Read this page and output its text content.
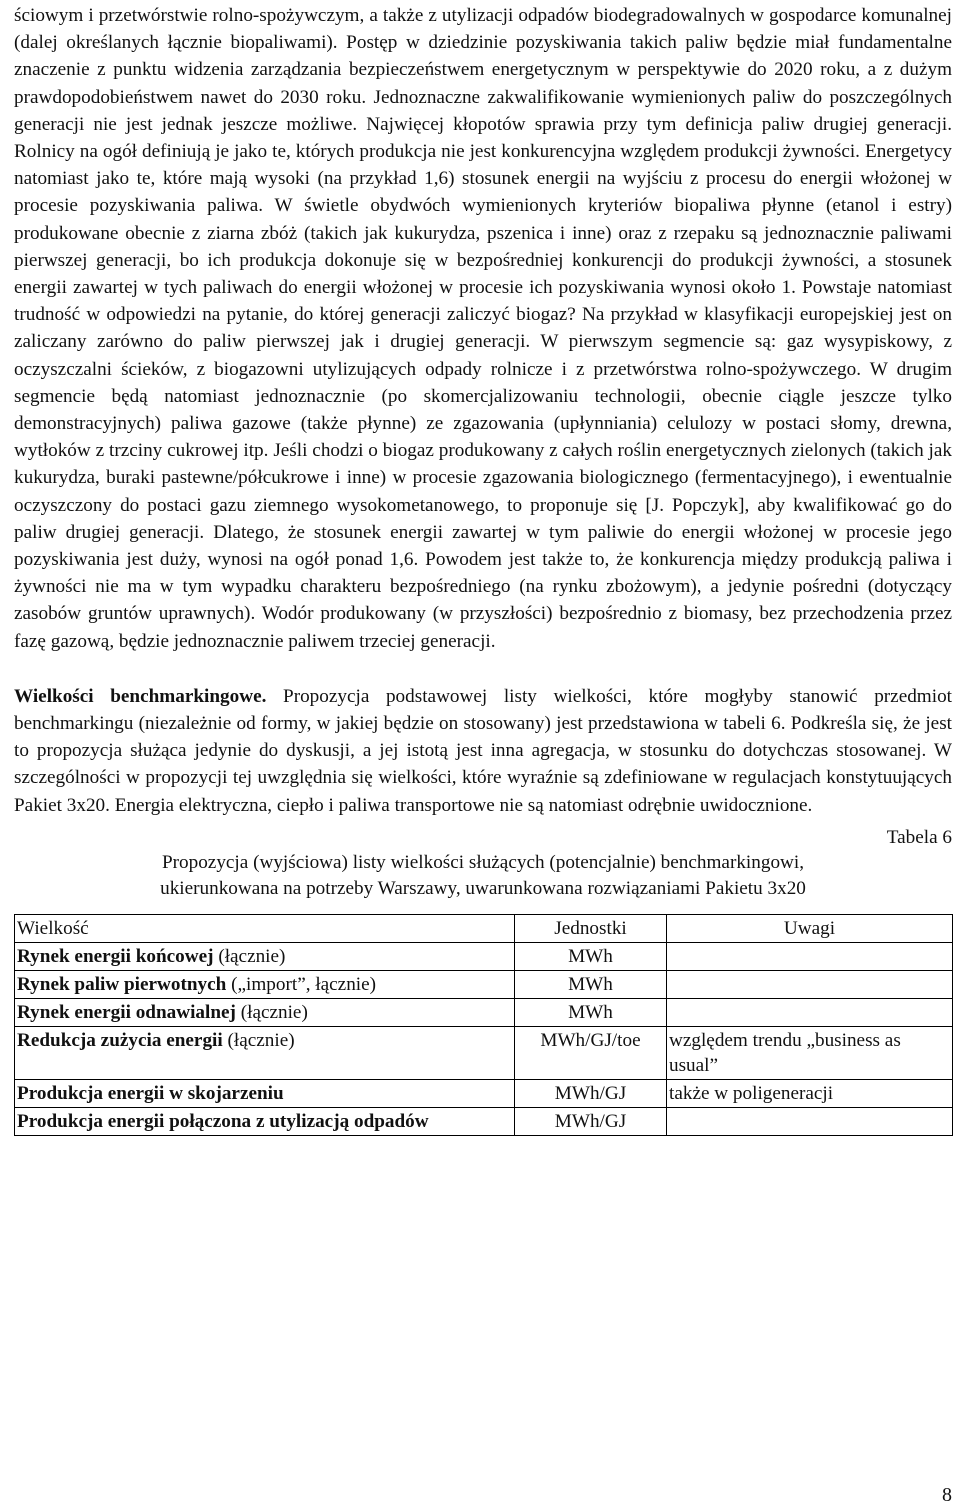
ściowym i przetwórstwie rolno-spożywczym, a także z utylizacji odpadów biodegradowalnych w gospodarce komunalnej (dalej określanych łącznie biopaliwami). Postęp w dziedzinie pozyskiwania takich paliw będzie miał fundamentalne znaczenie z punktu widzenia zarządzania bezpieczeństwem energetycznym w perspektywie do 2020 roku, a z dużym prawdopodobieństwem nawet do 2030 roku. Jednoznaczne zakwalifikowanie wymienionych paliw do poszczególnych generacji nie jest jednak jeszcze możliwe. Najwięcej kłopotów sprawia przy tym definicja paliw drugiej generacji. Rolnicy na ogół definiują je jako te, których produkcja nie jest konkurencyjna względem produkcji żywności. Energetycy natomiast jako te, które mają wysoki (na przykład 1,6) stosunek energii na wyjściu z procesu do energii włożonej w procesie pozyskiwania paliwa. W świetle obydwóch wymienionych kryteriów biopaliwa płynne (etanol i estry) produkowane obecnie z ziarna zbóż (takich jak kukurydza, pszenica i inne) oraz z rzepaku są jednoznacznie paliwami pierwszej generacji, bo ich produkcja dokonuje się w bezpośredniej konkurencji do produkcji żywności, a stosunek energii zawartej w tych paliwach do energii włożonej w procesie ich pozyskiwania wynosi około 1. Powstaje natomiast trudność w odpowiedzi na pytanie, do której generacji zaliczyć biogaz? Na przykład w klasyfikacji europejskiej jest on zaliczany zarówno do paliw pierwszej jak i drugiej generacji. W pierwszym segmencie są: gaz wysypiskowy, z oczyszczalni ścieków, z biogazowni utylizujących odpady rolnicze i z przetwórstwa rolno-spożywczego. W drugim segmencie będą natomiast jednoznacznie (po skomercjalizowaniu technologii, obecnie ciągle jeszcze tylko demonstracyjnych) paliwa gazowe (także płynne) ze zgazowania (upłynniania) celulozy w postaci słomy, drewna, wytłoków z trzciny cukrowej itp. Jeśli chodzi o biogaz produkowany z całych roślin energetycznych zielonych (takich jak kukurydza, buraki pastewne/półcukrowe i inne) w procesie zgazowania biologicznego (fermentacyjnego), i ewentualnie oczyszczony do postaci gazu ziemnego wysokometanowego, to proponuje się [J. Popczyk], aby kwalifikować go do paliw drugiej generacji. Dlatego, że stosunek energii zawartej w tym paliwie do energii włożonej w procesie jego pozyskiwania jest duży, wynosi na ogół ponad 1,6. Powodem jest także to, że konkurencja między produkcją paliwa i żywności nie ma w tym wypadku charakteru bezpośredniego (na rynku zbożowym), a jedynie pośredni (dotyczący zasobów gruntów uprawnych). Wodór produkowany (w przyszłości) bezpośrednio z biomasy, bez przechodzenia przez fazę gazową, będzie jednoznacznie paliwem trzeciej generacji.

Wielkości benchmarkingowe. Propozycja podstawowej listy wielkości, które mogłyby stanowić przedmiot benchmarkingu (niezależnie od formy, w jakiej będzie on stosowany) jest przedstawiona w tabeli 6. Podkreśla się, że jest to propozycja służąca jedynie do dyskusji, a jej istotą jest inna agregacja, w stosunku do dotychczas stosowanej. W szczególności w propozycji tej uwzględnia się wielkości, które wyraźnie są zdefiniowane w regulacjach konstytuujących Pakiet 3x20. Energia elektryczna, ciepło i paliwa transportowe nie są natomiast odrębnie uwidocznione.

Tabela 6
Propozycja (wyjściowa) listy wielkości służących (potencjalnie) benchmarkingowi,
ukierunkowana na potrzeby Warszawy, uwarunkowana rozwiązaniami Pakietu 3x20
Wielkość	Jednostki	Uwagi
Rynek energii końcowej (łącznie)	MWh	
Rynek paliw pierwotnych („import”, łącznie)	MWh	
Rynek energii odnawialnej (łącznie)	MWh	
Redukcja zużycia energii (łącznie)	MWh/GJ/toe	względem trendu „business as usual”
Produkcja energii w skojarzeniu	MWh/GJ	także w poligeneracji
Produkcja energii połączona z utylizacją odpadów	MWh/GJ	
8
